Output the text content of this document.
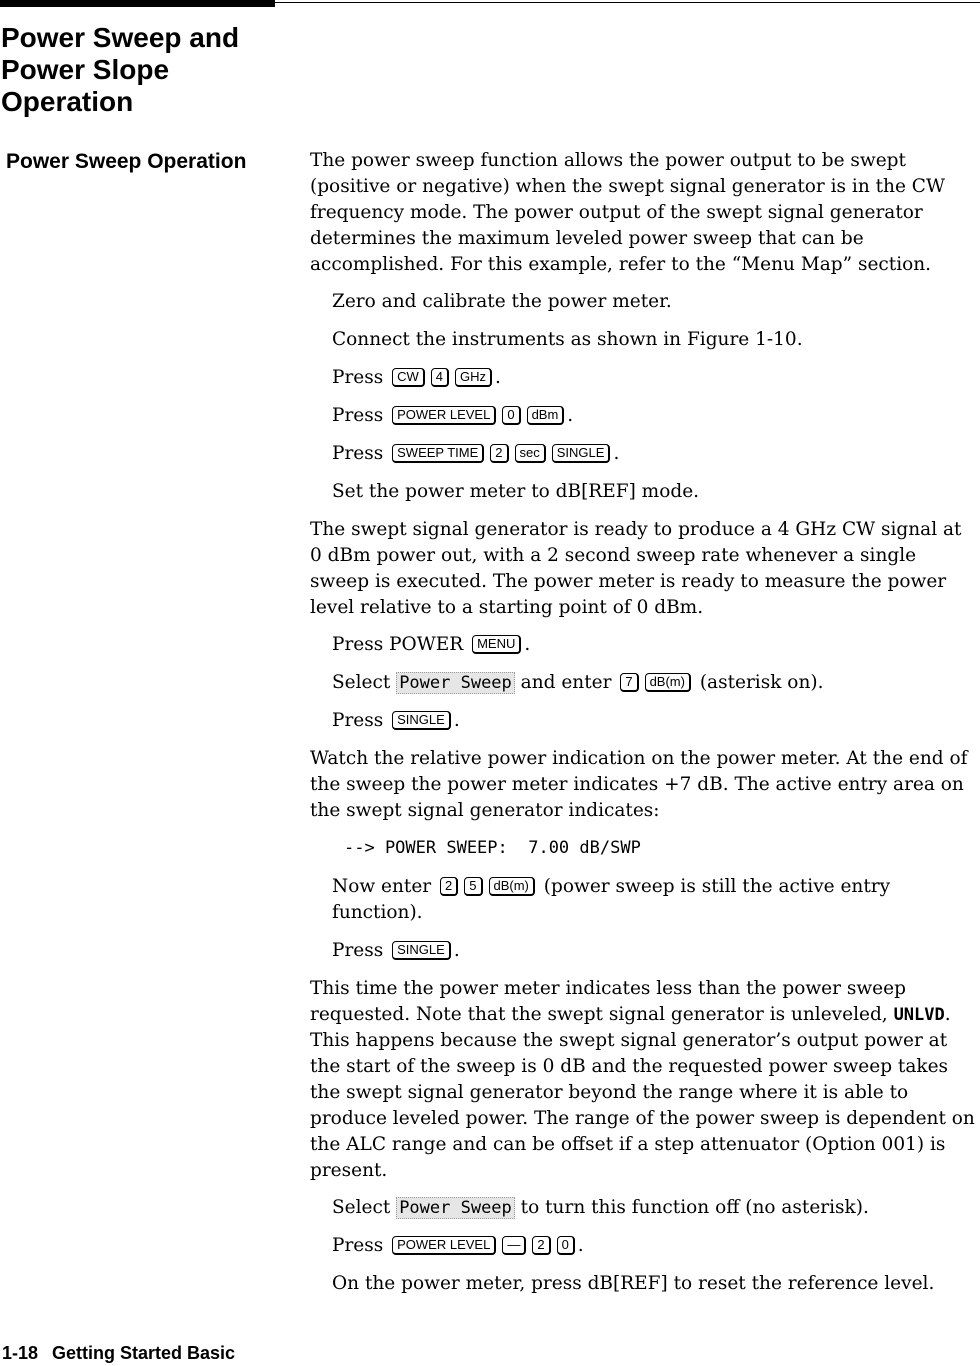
Power Sweep and
Power Slope
Operation
Power Sweep Operation	The power sweep function allows the power output to be swept (positive or negative) when the swept signal generator is in the CW frequency mode. The power output of the swept signal generator determines the maximum leveled power sweep that can be accomplished. For this example, refer to the “Menu Map” section.

Zero and calibrate the power meter.
Connect the instruments as shown in Figure 1-10.
Press CW 4 GHz .
Press POWER LEVEL 0 dBm .
Press SWEEP TIME 2 sec SINGLE .
Set the power meter to dB[REF] mode.

The swept signal generator is ready to produce a 4 GHz CW signal at 0 dBm power out, with a 2 second sweep rate whenever a single sweep is executed. The power meter is ready to measure the power level relative to a starting point of 0 dBm.

Press POWER MENU .
Select Power Sweep and enter 7 dB(m) (asterisk on).
Press SINGLE .

Watch the relative power indication on the power meter. At the end of the sweep the power meter indicates +7 dB. The active entry area on the swept signal generator indicates:

--> POWER SWEEP:  7.00 dB/SWP
Now enter 2 5 dB(m) (power sweep is still the active entry function).
Press SINGLE .

This time the power meter indicates less than the power sweep requested. Note that the swept signal generator is unleveled, UNLVD. This happens because the swept signal generator’s output power at the start of the sweep is 0 dB and the requested power sweep takes the swept signal generator beyond the range where it is able to produce leveled power. The range of the power sweep is dependent on the ALC range and can be offset if a step attenuator (Option 001) is present.

Select Power Sweep to turn this function off (no asterisk).
Press POWER LEVEL — 2 0 .
On the power meter, press dB[REF] to reset the reference level.
1-18 Getting Started Basic
